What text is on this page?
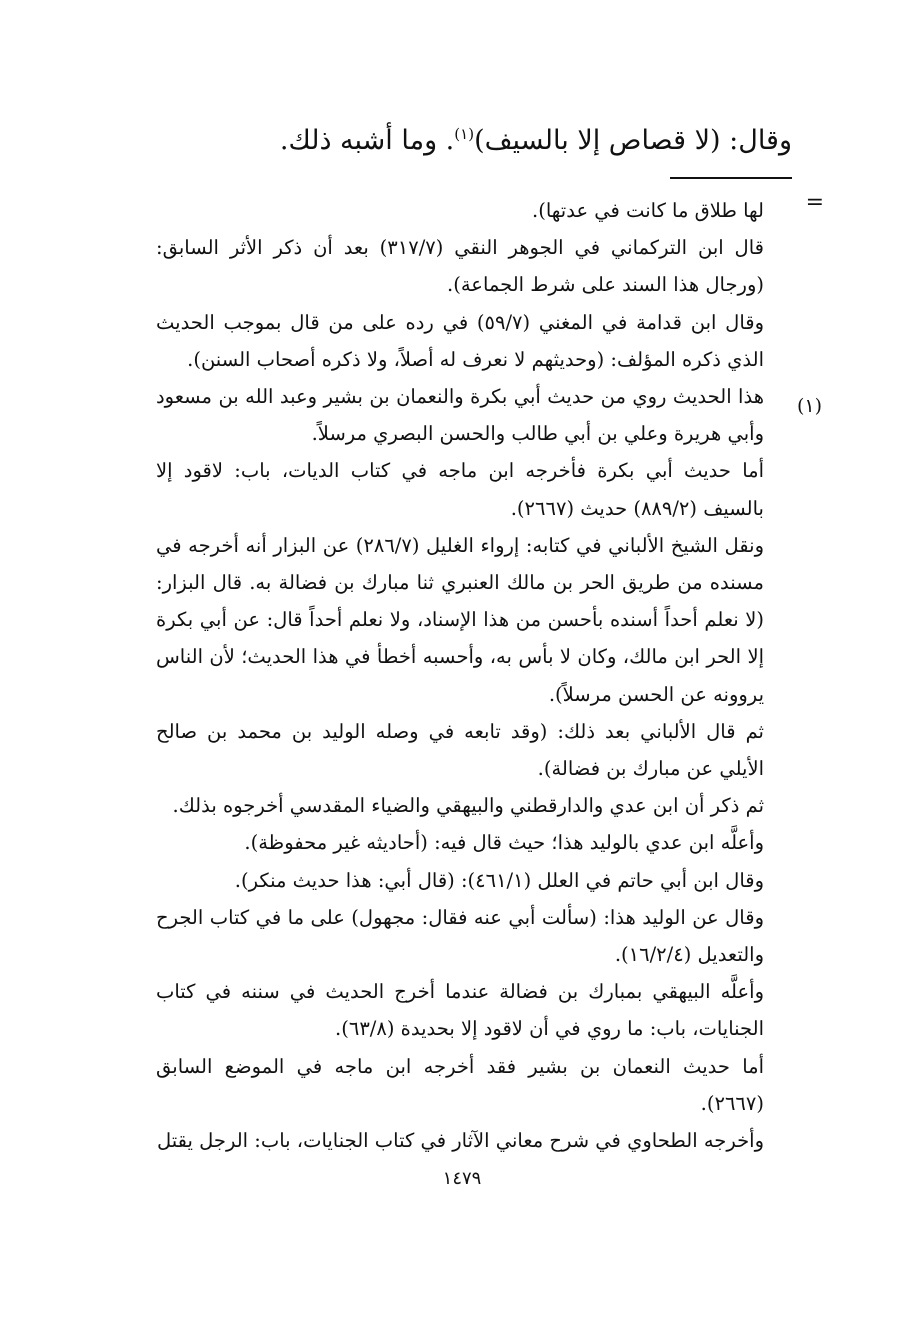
وقال: (لا قصاص إلا بالسيف)$^{(١)}$. وما أشبه ذلك.
=
(١)

لها طلاق ما كانت في عدتها).

قال ابن التركماني في الجوهر النقي (٣١٧/٧) بعد أن ذكر الأثر السابق: (ورجال هذا السند على شرط الجماعة).

وقال ابن قدامة في المغني (٥٩/٧) في رده على من قال بموجب الحديث الذي ذكره المؤلف: (وحديثهم لا نعرف له أصلاً، ولا ذكره أصحاب السنن).

هذا الحديث روي من حديث أبي بكرة والنعمان بن بشير وعبد الله بن مسعود وأبي هريرة وعلي بن أبي طالب والحسن البصري مرسلاً.

أما حديث أبي بكرة فأخرجه ابن ماجه في كتاب الديات، باب: لاقود إلا بالسيف (٨٨٩/٢) حديث (٢٦٦٧).

ونقل الشيخ الألباني في كتابه: إرواء الغليل (٢٨٦/٧) عن البزار أنه أخرجه في مسنده من طريق الحر بن مالك العنبري ثنا مبارك بن فضالة به. قال البزار: (لا نعلم أحداً أسنده بأحسن من هذا الإسناد، ولا نعلم أحداً قال: عن أبي بكرة إلا الحر ابن مالك، وكان لا بأس به، وأحسبه أخطأ في هذا الحديث؛ لأن الناس يروونه عن الحسن مرسلاً).

ثم قال الألباني بعد ذلك: (وقد تابعه في وصله الوليد بن محمد بن صالح الأيلي عن مبارك بن فضالة).

ثم ذكر أن ابن عدي والدارقطني والبيهقي والضياء المقدسي أخرجوه بذلك.

وأعلَّه ابن عدي بالوليد هذا؛ حيث قال فيه: (أحاديثه غير محفوظة).

وقال ابن أبي حاتم في العلل (٤٦١/١): (قال أبي: هذا حديث منكر).

وقال عن الوليد هذا: (سألت أبي عنه فقال: مجهول) على ما في كتاب الجرح والتعديل (١٦/٢/٤).

وأعلَّه البيهقي بمبارك بن فضالة عندما أخرج الحديث في سننه في كتاب الجنايات، باب: ما روي في أن لاقود إلا بحديدة (٦٣/٨).

أما حديث النعمان بن بشير فقد أخرجه ابن ماجه في الموضع السابق (٢٦٦٧).

وأخرجه الطحاوي في شرح معاني الآثار في كتاب الجنايات، باب: الرجل يقتل

١٤٧٩
